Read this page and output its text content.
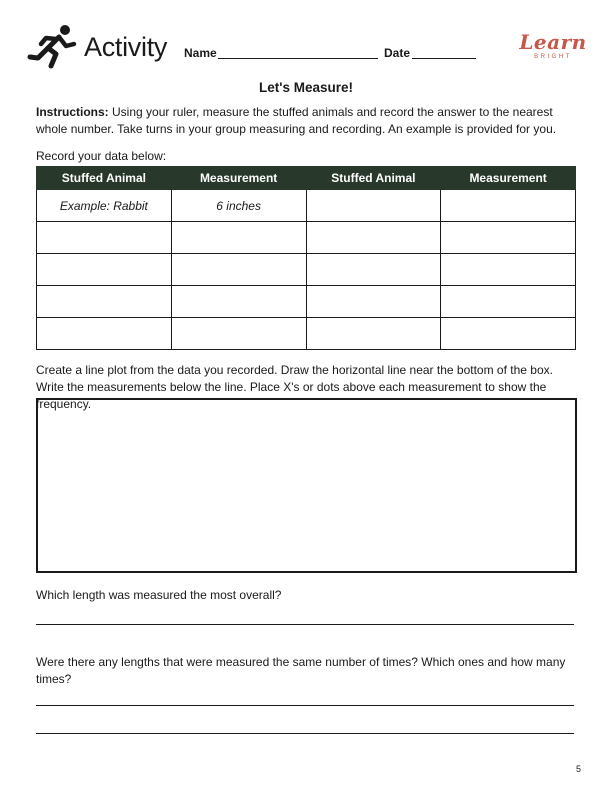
Activity Name	Date	Learn
BRIGHT
Let's Measure!
Instructions: Using your ruler, measure the stuffed animals and record the answer to the nearest whole number. Take turns in your group measuring and recording. An example is provided for you.
Record your data below:
Stuffed Animal	Measurement	Stuffed Animal	Measurement
Example: Rabbit	6 inches		

Create a line plot from the data you recorded. Draw the horizontal line near the bottom of the box. Write the measurements below the line. Place X's or dots above each measurement to show the frequency.
Which length was measured the most overall?
Were there any lengths that were measured the same number of times? Which ones and how many times?
5
